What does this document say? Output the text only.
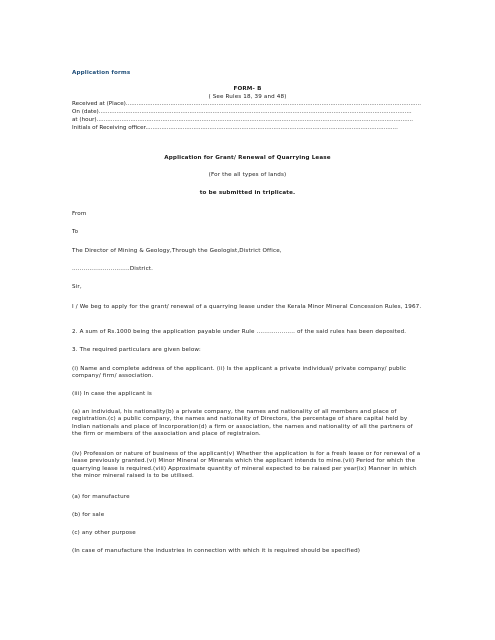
Application forms
FORM- B
( See Rules 18, 39 and 48)
Received at (Place)......................................................................................................................................................................
On (date)................................................................................................................................................................................
at (hour)..................................................................................................................................................................................
Initials of Receiving officer..............................................................................................................................................
Application for Grant/ Renewal of Quarrying Lease
(For the all types of lands)
to be submitted in triplicate.
From
To
The Director of Mining & Geology,Through the Geologist,District Office,
..............................District.
Sir,
I / We beg to apply for the grant/ renewal of a quarrying lease under the Kerala Minor Mineral Concession Rules, 1967.
2. A sum of Rs.1000 being the application payable under Rule .................... of the said rules has been deposited.
3. The required particulars are given below:
(i) Name and complete address of the applicant. (ii) Is the applicant a private individual/ private company/ public company/ firm/ association.
(iii) In case the applicant is
(a) an individual, his nationality(b) a private company, the names and nationality of all members and place of registration.(c) a public company, the names and nationality of Directors, the percentage of share capital held by Indian nationals and place of Incorporation(d) a firm or association, the names and nationality of all the partners of the firm or members of the association and place of registraion.
(iv) Profession or nature of business of the applicant(v) Whether the application is for a fresh lease or for renewal of a lease previously granted.(vi) Minor Mineral or Minerals which the applicant intends to mine.(vii) Period for which the quarrying lease is required.(viii) Approximate quantity of mineral expected to be raised per year(ix) Manner in which the minor mineral raised is to be utilised.
(a) for manufacture
(b) for sale
(c) any other purpose
(In case of manufacture the industries in connection with which it is required should be specified)
